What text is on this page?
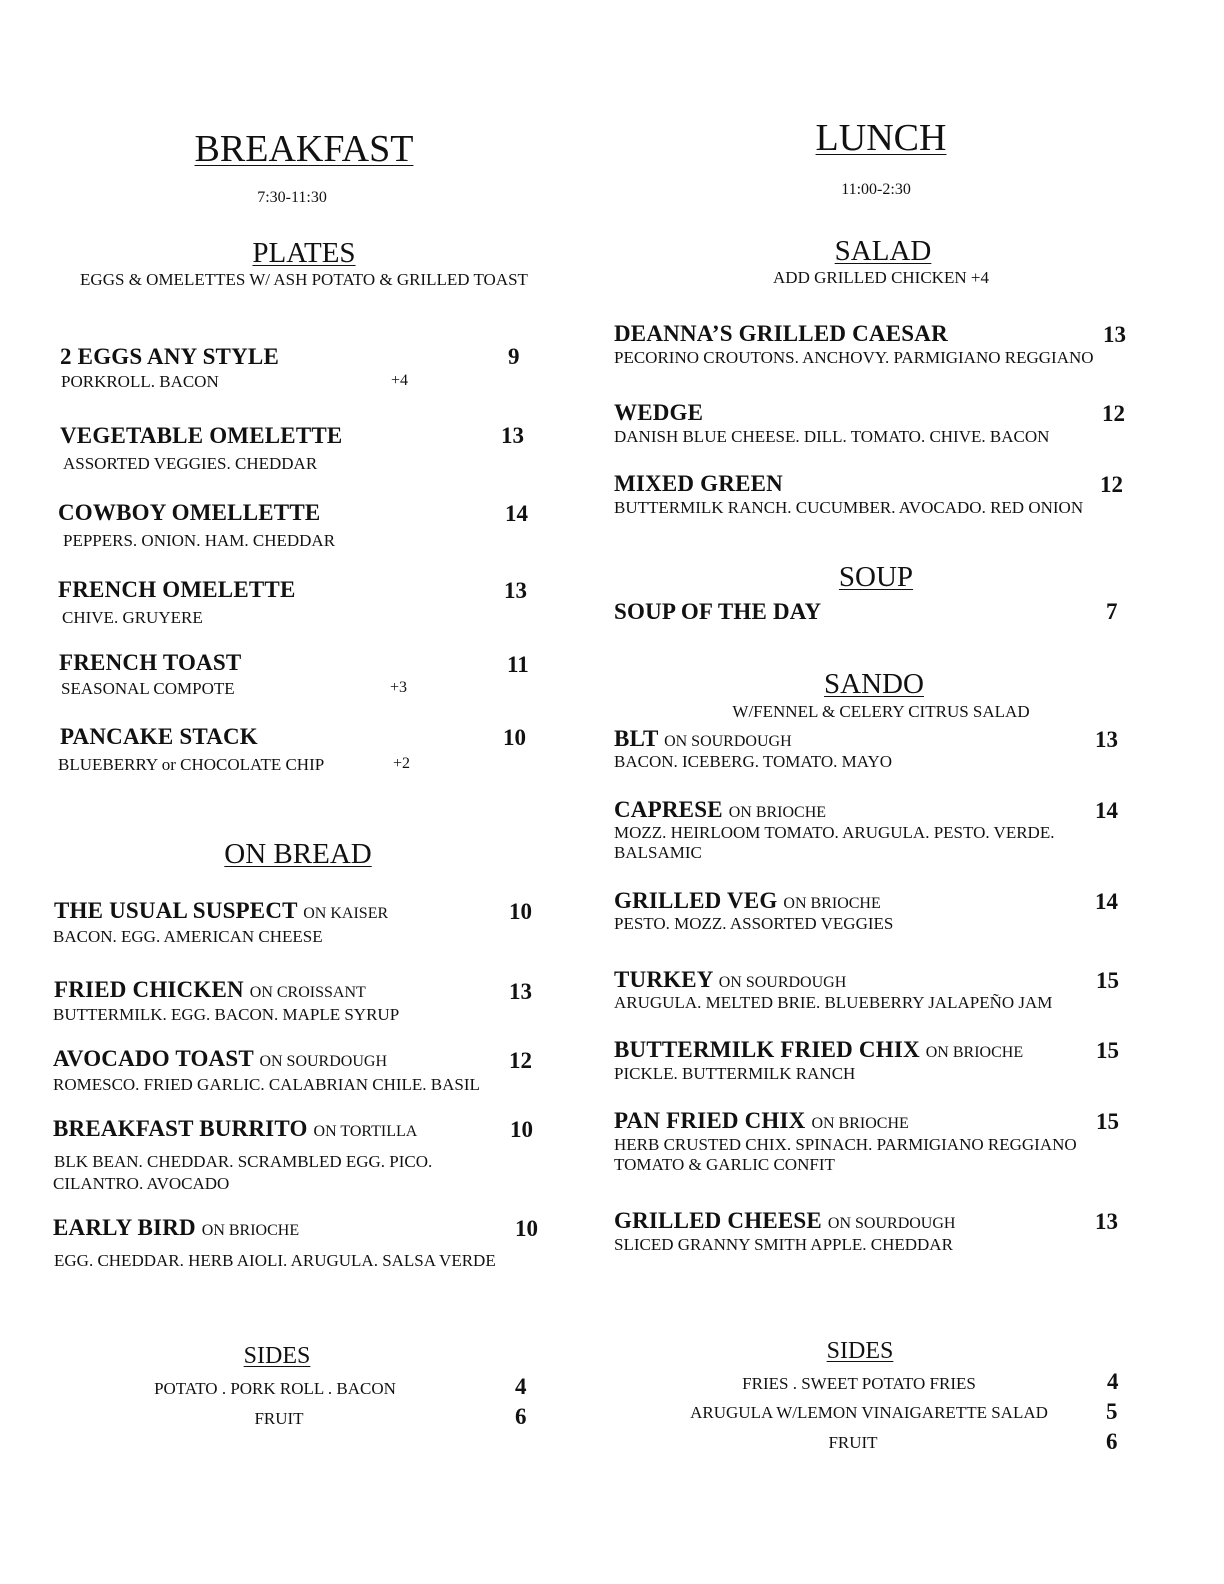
BREAKFAST
7:30-11:30
PLATES
EGGS & OMELETTES W/ ASH POTATO & GRILLED TOAST
2 EGGS ANY STYLE	9
PORKROLL. BACON	+4
VEGETABLE OMELETTE	13
ASSORTED VEGGIES. CHEDDAR
COWBOY OMELLETTE	14
PEPPERS. ONION. HAM. CHEDDAR
FRENCH OMELETTE	13
CHIVE. GRUYERE
FRENCH TOAST	11
SEASONAL COMPOTE	+3
PANCAKE STACK	10
BLUEBERRY or CHOCOLATE CHIP	+2
ON BREAD
THE USUAL SUSPECT ON KAISER	10
BACON. EGG. AMERICAN CHEESE
FRIED CHICKEN ON CROISSANT	13
BUTTERMILK. EGG. BACON. MAPLE SYRUP
AVOCADO TOAST ON SOURDOUGH	12
ROMESCO. FRIED GARLIC. CALABRIAN CHILE. BASIL
BREAKFAST BURRITO ON TORTILLA	10
BLK BEAN. CHEDDAR. SCRAMBLED EGG. PICO.
CILANTRO. AVOCADO
EARLY BIRD ON BRIOCHE	10
EGG. CHEDDAR. HERB AIOLI. ARUGULA. SALSA VERDE
SIDES
POTATO . PORK ROLL . BACON	4
FRUIT	6
LUNCH
11:00-2:30
SALAD
ADD GRILLED CHICKEN +4
DEANNA’S GRILLED CAESAR	13
PECORINO CROUTONS. ANCHOVY. PARMIGIANO REGGIANO
WEDGE	12
DANISH BLUE CHEESE. DILL. TOMATO. CHIVE. BACON
MIXED GREEN	12
BUTTERMILK RANCH. CUCUMBER. AVOCADO. RED ONION
SOUP
SOUP OF THE DAY	7
SANDO
W/FENNEL & CELERY CITRUS SALAD
BLT ON SOURDOUGH	13
BACON. ICEBERG. TOMATO. MAYO
CAPRESE ON BRIOCHE	14
MOZZ. HEIRLOOM TOMATO. ARUGULA. PESTO. VERDE.
BALSAMIC
GRILLED VEG ON BRIOCHE	14
PESTO. MOZZ. ASSORTED VEGGIES
TURKEY ON SOURDOUGH	15
ARUGULA. MELTED BRIE. BLUEBERRY JALAPEÑO JAM
BUTTERMILK FRIED CHIX ON BRIOCHE	15
PICKLE. BUTTERMILK RANCH
PAN FRIED CHIX ON BRIOCHE	15
HERB CRUSTED CHIX. SPINACH. PARMIGIANO REGGIANO
TOMATO & GARLIC CONFIT
GRILLED CHEESE ON SOURDOUGH	13
SLICED GRANNY SMITH APPLE. CHEDDAR
SIDES
FRIES . SWEET POTATO FRIES	4
ARUGULA W/LEMON VINAIGARETTE SALAD	5
FRUIT	6
